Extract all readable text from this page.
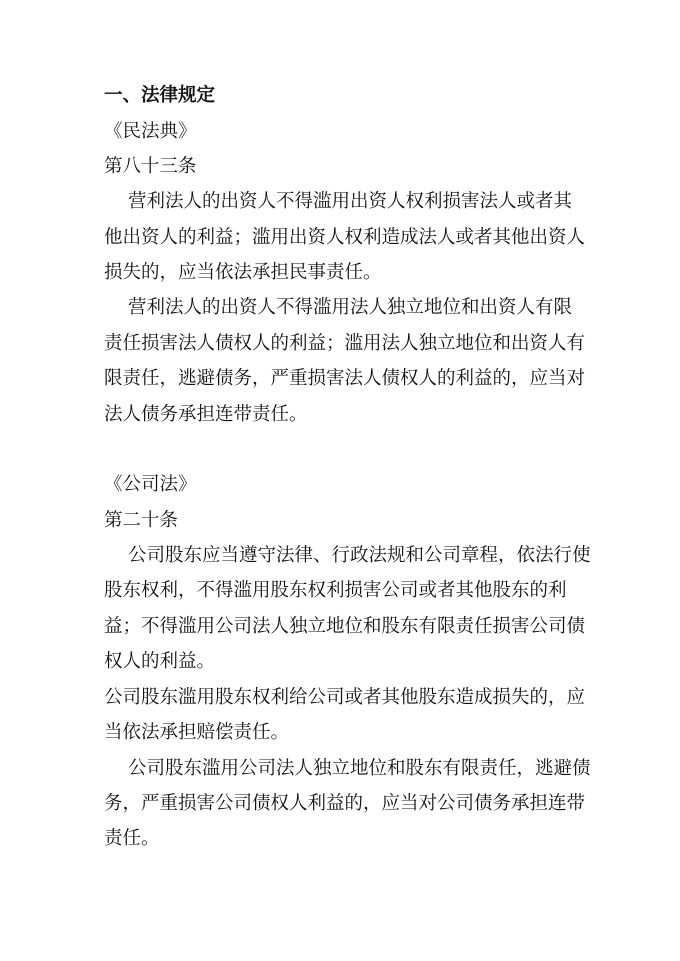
一、法律规定
《民法典》
第八十三条
营利法人的出资人不得滥用出资人权利损害法人或者其
他出资人的利益；滥用出资人权利造成法人或者其他出资人
损失的，应当依法承担民事责任。
营利法人的出资人不得滥用法人独立地位和出资人有限
责任损害法人债权人的利益；滥用法人独立地位和出资人有
限责任，逃避债务，严重损害法人债权人的利益的，应当对
法人债务承担连带责任。
《公司法》
第二十条
公司股东应当遵守法律、行政法规和公司章程，依法行使
股东权利，不得滥用股东权利损害公司或者其他股东的利
益；不得滥用公司法人独立地位和股东有限责任损害公司债
权人的利益。
公司股东滥用股东权利给公司或者其他股东造成损失的，应
当依法承担赔偿责任。
公司股东滥用公司法人独立地位和股东有限责任，逃避债
务，严重损害公司债权人利益的，应当对公司债务承担连带
责任。
